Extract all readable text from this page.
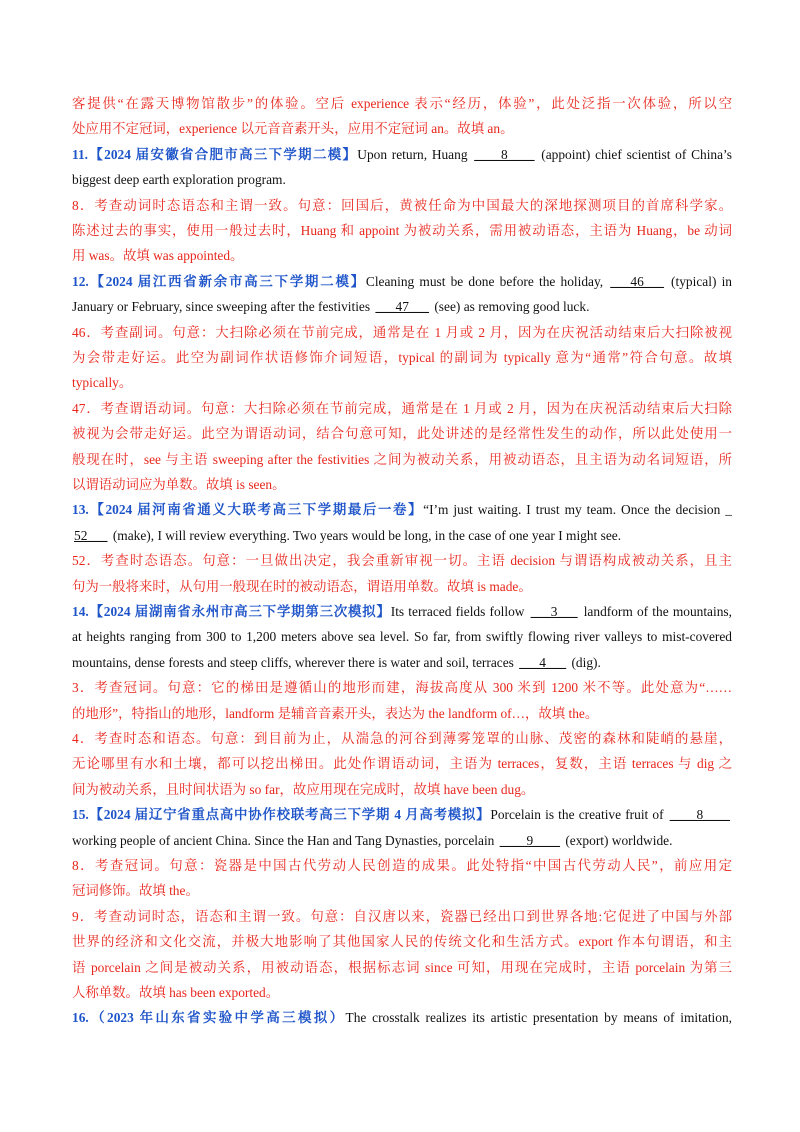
客提供“在露天博物馆散步”的体验。空后 experience 表示“经历，体验”，此处泛指一次体验，所以空
处应用不定冠词，experience 以元音音素开头，应用不定冠词 an。故填 an。
11.【2024 届安徽省合肥市高三下学期二模】Upon return, Huang ____8____ (appoint) chief scientist of China’s
biggest deep earth exploration program.
8．考查动词时态语态和主谓一致。句意：回国后，黄被任命为中国最大的深地探测项目的首席科学家。
陈述过去的事实，使用一般过去时，Huang 和 appoint 为被动关系，需用被动语态，主语为 Huang，be 动词
用 was。故填 was appointed。
12.【2024 届江西省新余市高三下学期二模】Cleaning must be done before the holiday, ___46___ (typical) in
January or February, since sweeping after the festivities ___47___ (see) as removing good luck.
46．考查副词。句意：大扫除必须在节前完成，通常是在 1 月或 2 月，因为在庆祝活动结束后大扫除被视
为会带走好运。此空为副词作状语修饰介词短语，typical 的副词为 typically 意为“通常”符合句意。故填
typically。
47．考查谓语动词。句意：大扫除必须在节前完成，通常是在 1 月或 2 月，因为在庆祝活动结束后大扫除
被视为会带走好运。此空为谓语动词，结合句意可知，此处讲述的是经常性发生的动作，所以此处使用一
般现在时，see 与主语 sweeping after the festivities 之间为被动关系，用被动语态，且主语为动名词短语，所
以谓语动词应为单数。故填 is seen。
13.【2024 届河南省通义大联考高三下学期最后一卷】“I’m just waiting. I trust my team. Once the decision _
52___ (make), I will review everything. Two years would be long, in the case of one year I might see.
52．考查时态语态。句意：一旦做出决定，我会重新审视一切。主语 decision 与谓语构成被动关系，且主
句为一般将来时，从句用一般现在时的被动语态，谓语用单数。故填 is made。
14.【2024 届湖南省永州市高三下学期第三次模拟】Its terraced fields follow ___3___ landform of the mountains,
at heights ranging from 300 to 1,200 meters above sea level. So far, from swiftly flowing river valleys to mist-covered
mountains, dense forests and steep cliffs, wherever there is water and soil, terraces ___4___ (dig).
3．考查冠词。句意：它的梯田是遵循山的地形而建，海拔高度从 300 米到 1200 米不等。此处意为“……
的地形”，特指山的地形，landform 是辅音音素开头，表达为 the landform of…，故填 the。
4．考查时态和语态。句意：到目前为止，从湍急的河谷到薄雾笼罩的山脉、茂密的森林和陡峭的悬崖，
无论哪里有水和土壤，都可以挖出梯田。此处作谓语动词，主语为 terraces，复数，主语 terraces 与 dig 之
间为被动关系，且时间状语为 so far，故应用现在完成时，故填 have been dug。
15.【2024 届辽宁省重点高中协作校联考高三下学期 4 月高考模拟】Porcelain is the creative fruit of ____8____
working people of ancient China. Since the Han and Tang Dynasties, porcelain ____9____ (export) worldwide.
8．考查冠词。句意：瓷器是中国古代劳动人民创造的成果。此处特指“中国古代劳动人民”，前应用定
冠词修饰。故填 the。
9．考查动词时态，语态和主谓一致。句意：自汉唐以来，瓷器已经出口到世界各地:它促进了中国与外部
世界的经济和文化交流，并极大地影响了其他国家人民的传统文化和生活方式。export 作本句谓语，和主
语 porcelain 之间是被动关系，用被动语态，根据标志词 since 可知，用现在完成时，主语 porcelain 为第三
人称单数。故填 has been exported。
16.（2023 年山东省实验中学高三模拟）The crosstalk realizes its artistic presentation by means of imitation,
